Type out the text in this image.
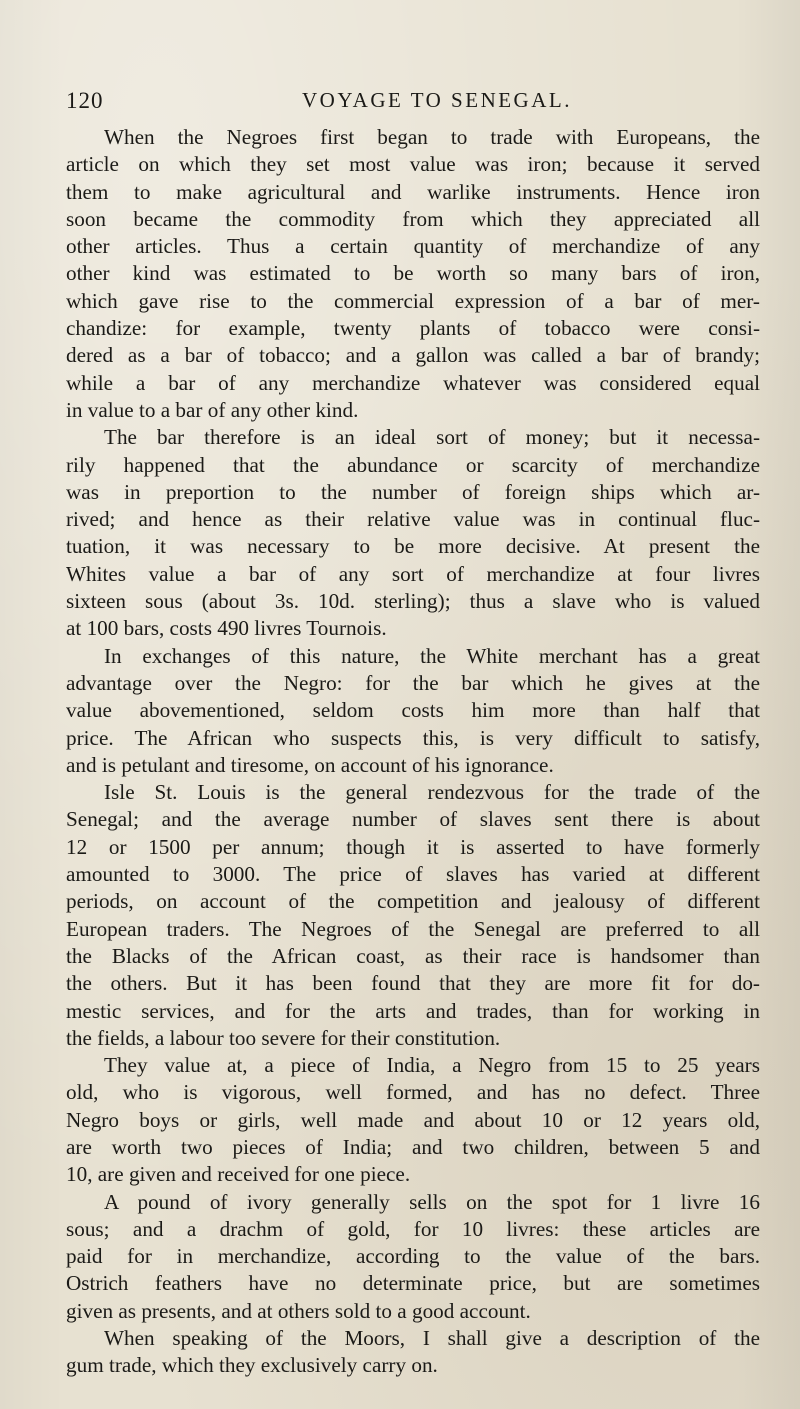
120	VOYAGE TO SENEGAL.
When the Negroes first began to trade with Europeans, the
article on which they set most value was iron; because it served
them to make agricultural and warlike instruments. Hence iron
soon became the commodity from which they appreciated all
other articles. Thus a certain quantity of merchandize of any
other kind was estimated to be worth so many bars of iron,
which gave rise to the commercial expression of a bar of mer-
chandize: for example, twenty plants of tobacco were consi-
dered as a bar of tobacco; and a gallon was called a bar of brandy;
while a bar of any merchandize whatever was considered equal
in value to a bar of any other kind.
The bar therefore is an ideal sort of money; but it necessa-
rily happened that the abundance or scarcity of merchandize
was in preportion to the number of foreign ships which ar-
rived; and hence as their relative value was in continual fluc-
tuation, it was necessary to be more decisive. At present the
Whites value a bar of any sort of merchandize at four livres
sixteen sous (about 3s. 10d. sterling); thus a slave who is valued
at 100 bars, costs 490 livres Tournois.
In exchanges of this nature, the White merchant has a great
advantage over the Negro: for the bar which he gives at the
value abovementioned, seldom costs him more than half that
price. The African who suspects this, is very difficult to satisfy,
and is petulant and tiresome, on account of his ignorance.
Isle St. Louis is the general rendezvous for the trade of the
Senegal; and the average number of slaves sent there is about
12 or 1500 per annum; though it is asserted to have formerly
amounted to 3000. The price of slaves has varied at different
periods, on account of the competition and jealousy of different
European traders. The Negroes of the Senegal are preferred to all
the Blacks of the African coast, as their race is handsomer than
the others. But it has been found that they are more fit for do-
mestic services, and for the arts and trades, than for working in
the fields, a labour too severe for their constitution.
They value at, a piece of India, a Negro from 15 to 25 years
old, who is vigorous, well formed, and has no defect. Three
Negro boys or girls, well made and about 10 or 12 years old,
are worth two pieces of India; and two children, between 5 and
10, are given and received for one piece.
A pound of ivory generally sells on the spot for 1 livre 16
sous; and a drachm of gold, for 10 livres: these articles are
paid for in merchandize, according to the value of the bars.
Ostrich feathers have no determinate price, but are sometimes
given as presents, and at others sold to a good account.
When speaking of the Moors, I shall give a description of the
gum trade, which they exclusively carry on.
